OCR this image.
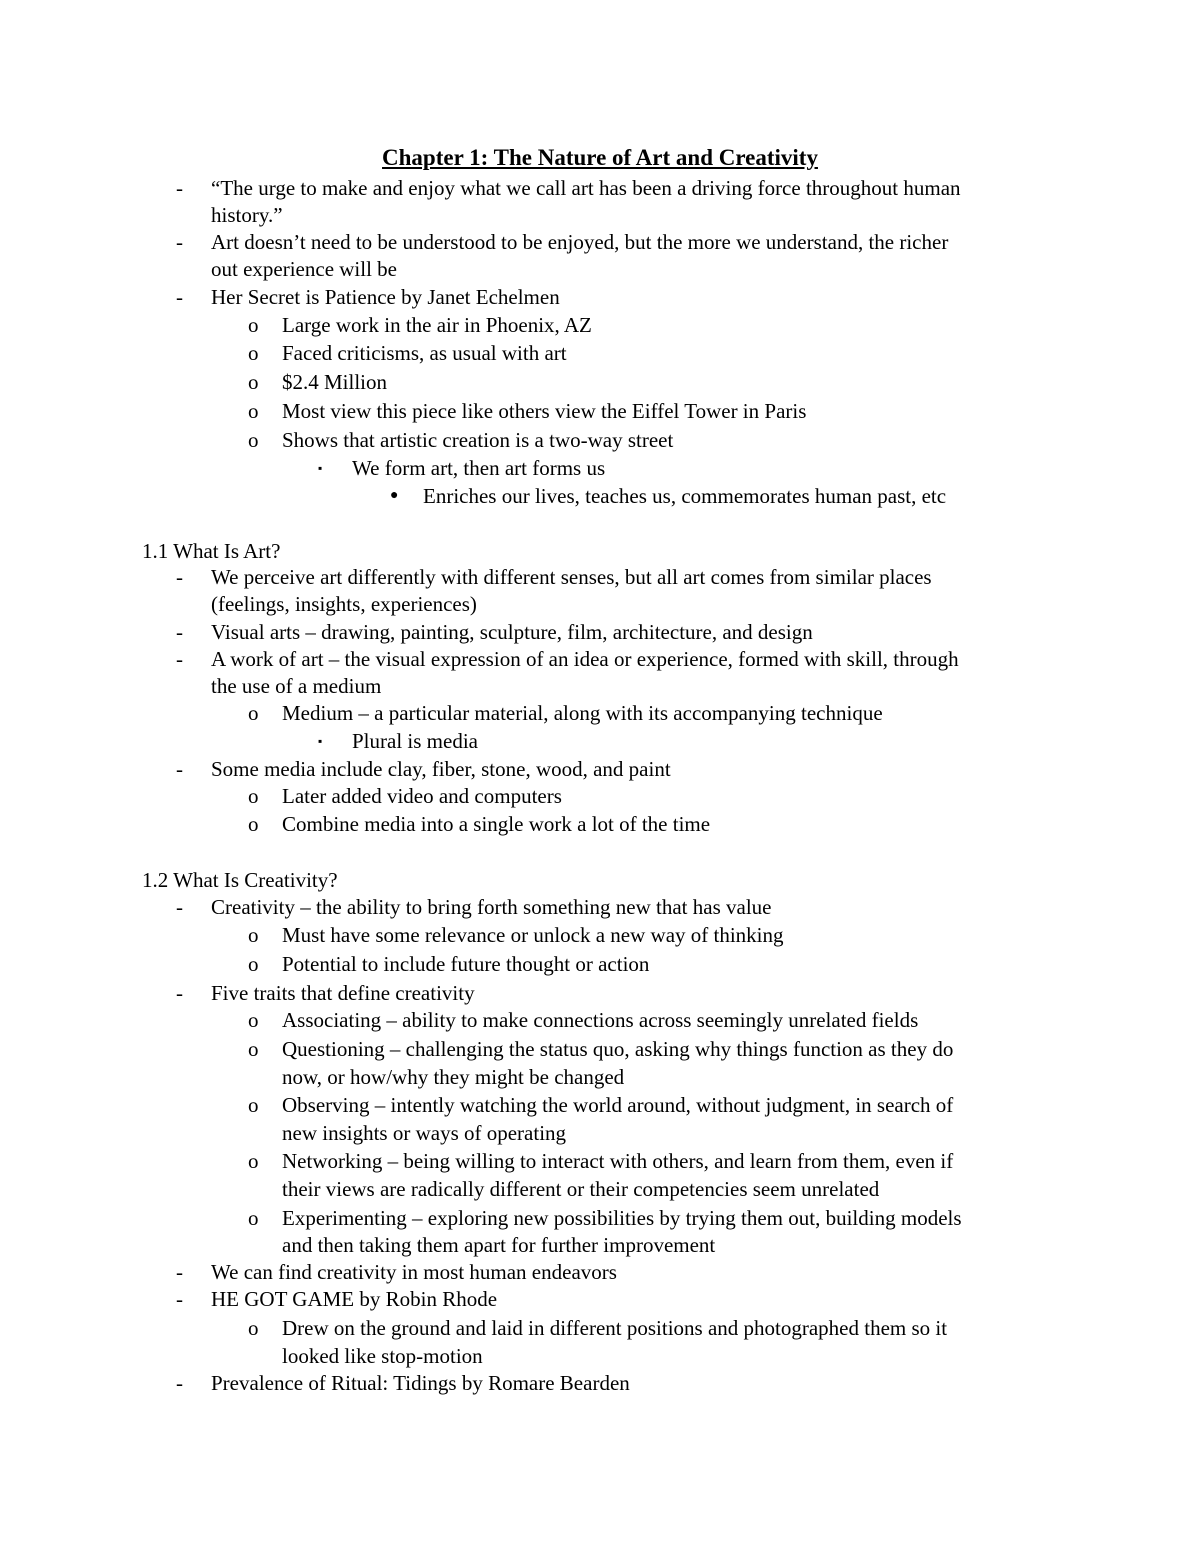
Chapter 1: The Nature of Art and Creativity
- “The urge to make and enjoy what we call art has been a driving force throughout human
history.”
- Art doesn’t need to be understood to be enjoyed, but the more we understand, the richer
out experience will be
- Her Secret is Patience by Janet Echelmen
o Large work in the air in Phoenix, AZ
o Faced criticisms, as usual with art
o $2.4 Million
o Most view this piece like others view the Eiffel Tower in Paris
o Shows that artistic creation is a two-way street
▪ We form art, then art forms us
● Enriches our lives, teaches us, commemorates human past, etc
1.1 What Is Art?
- We perceive art differently with different senses, but all art comes from similar places
(feelings, insights, experiences)
- Visual arts – drawing, painting, sculpture, film, architecture, and design
- A work of art – the visual expression of an idea or experience, formed with skill, through
the use of a medium
o Medium – a particular material, along with its accompanying technique
▪ Plural is media
- Some media include clay, fiber, stone, wood, and paint
o Later added video and computers
o Combine media into a single work a lot of the time
1.2 What Is Creativity?
- Creativity – the ability to bring forth something new that has value
o Must have some relevance or unlock a new way of thinking
o Potential to include future thought or action
- Five traits that define creativity
o Associating – ability to make connections across seemingly unrelated fields
o Questioning – challenging the status quo, asking why things function as they do
now, or how/why they might be changed
o Observing – intently watching the world around, without judgment, in search of
new insights or ways of operating
o Networking – being willing to interact with others, and learn from them, even if
their views are radically different or their competencies seem unrelated
o Experimenting – exploring new possibilities by trying them out, building models
and then taking them apart for further improvement
- We can find creativity in most human endeavors
- HE GOT GAME by Robin Rhode
o Drew on the ground and laid in different positions and photographed them so it
looked like stop-motion
- Prevalence of Ritual: Tidings by Romare Bearden
